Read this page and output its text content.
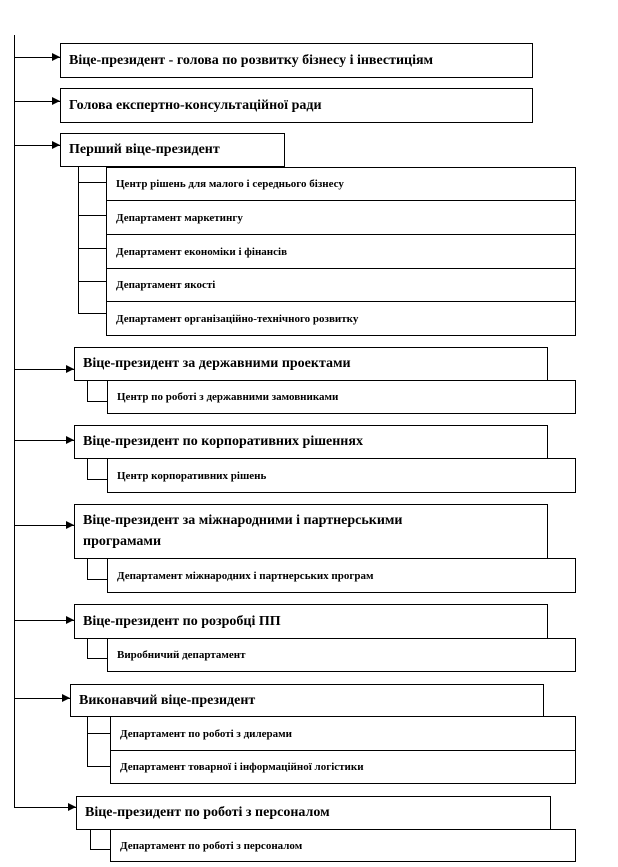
Віце-президент - голова по розвитку бізнесу і інвестиціям
Голова експертно-консультаційної ради
Перший віце-президент
Центр рішень для малого і середнього бізнесу
Департамент маркетингу
Департамент економіки і фінансів
Департамент якості
Департамент організаційно-технічного розвитку
Віце-президент за державними проектами
Центр по роботі з державними замовниками
Віце-президент по корпоративних рішеннях
Центр корпоративних рішень
Віце-президент за міжнародними і партнерськими програмами
Департамент міжнародних і партнерських програм
Віце-президент по розробці ПП
Виробничий департамент
Виконавчий віце-президент
Департамент по роботі з дилерами
Департамент товарної і інформаційної логістики
Віце-президент по роботі з персоналом
Департамент по роботі з персоналом
